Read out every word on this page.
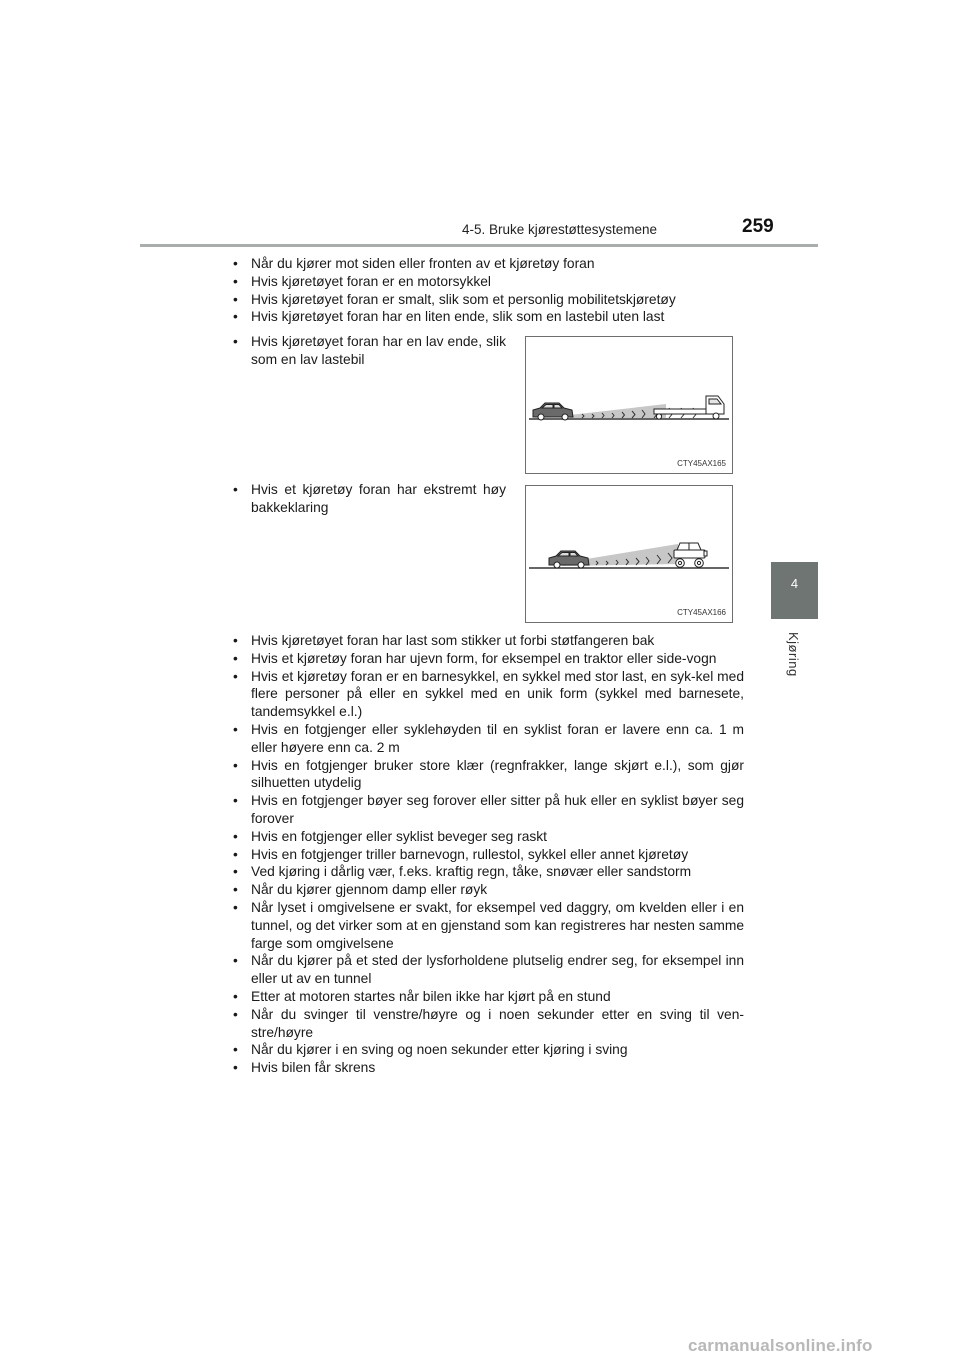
4-5. Bruke kjørestøttesystemene	259
4
Kjøring
• Når du kjører mot siden eller fronten av et kjøretøy foran
• Hvis kjøretøyet foran er en motorsykkel
• Hvis kjøretøyet foran er smalt, slik som et personlig mobilitetskjøretøy
• Hvis kjøretøyet foran har en liten ende, slik som en lastebil uten last
• Hvis kjøretøyet foran har en lav ende, slik som en lav lastebil
CTY45AX165
• Hvis et kjøretøy foran har ekstremt høy bakkeklaring
CTY45AX166
• Hvis kjøretøyet foran har last som stikker ut forbi støtfangeren bak
• Hvis et kjøretøy foran har ujevn form, for eksempel en traktor eller side-vogn
• Hvis et kjøretøy foran er en barnesykkel, en sykkel med stor last, en syk-kel med flere personer på eller en sykkel med en unik form (sykkel med barnesete, tandemsykkel e.l.)
• Hvis en fotgjenger eller syklehøyden til en syklist foran er lavere enn ca. 1 m eller høyere enn ca. 2 m
• Hvis en fotgjenger bruker store klær (regnfrakker, lange skjørt e.l.), som gjør silhuetten utydelig
• Hvis en fotgjenger bøyer seg forover eller sitter på huk eller en syklist bøyer seg forover
• Hvis en fotgjenger eller syklist beveger seg raskt
• Hvis en fotgjenger triller barnevogn, rullestol, sykkel eller annet kjøretøy
• Ved kjøring i dårlig vær, f.eks. kraftig regn, tåke, snøvær eller sandstorm
• Når du kjører gjennom damp eller røyk
• Når lyset i omgivelsene er svakt, for eksempel ved daggry, om kvelden eller i en tunnel, og det virker som at en gjenstand som kan registreres har nesten samme farge som omgivelsene
• Når du kjører på et sted der lysforholdene plutselig endrer seg, for eksempel inn eller ut av en tunnel
• Etter at motoren startes når bilen ikke har kjørt på en stund
• Når du svinger til venstre/høyre og i noen sekunder etter en sving til ven-stre/høyre
• Når du kjører i en sving og noen sekunder etter kjøring i sving
• Hvis bilen får skrens
carmanualsonline.info
